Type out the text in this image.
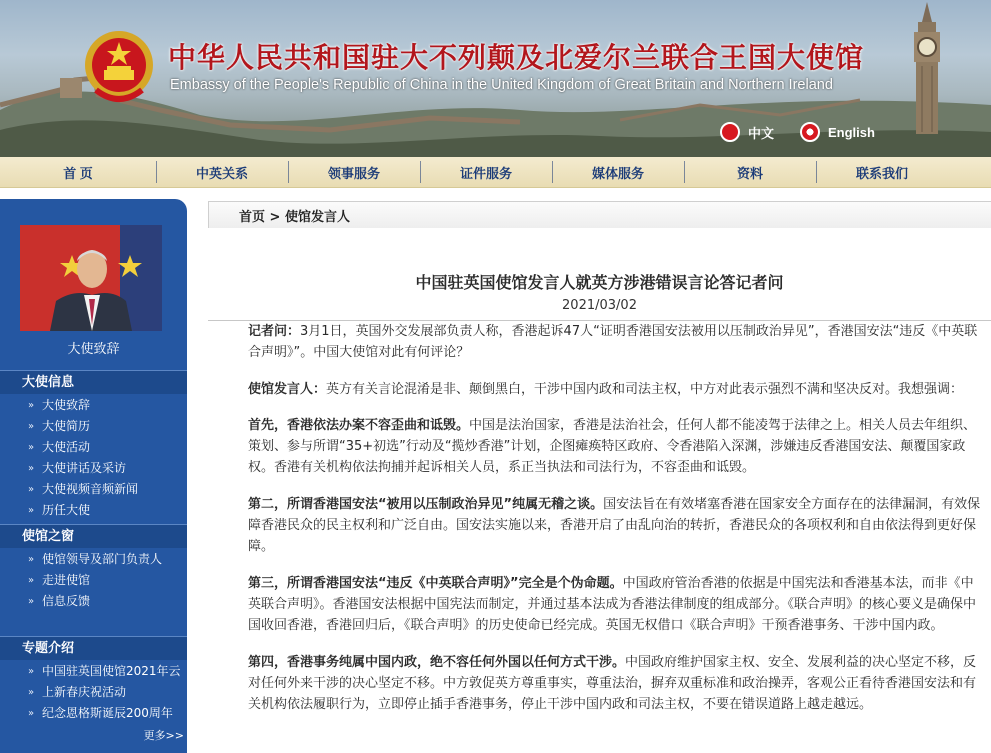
中华人民共和国驻大不列颠及北爱尔兰联合王国大使馆
Embassy of the People's Republic of China in the United Kingdom of Great Britain and Northern Ireland
中文	English
首 页	中英关系	领事服务	证件服务	媒体服务	资料	联系我们
大使致辞
大使信息
» 大使致辞
» 大使简历
» 大使活动
» 大使讲话及采访
» 大使视频音频新闻
» 历任大使
使馆之窗
» 使馆领导及部门负责人
» 走进使馆
» 信息反馈
专题介绍
» 中国驻英国使馆2021年云
» 上新春庆祝活动
» 纪念恩格斯诞辰200周年
更多>>
首页 > 使馆发言人
中国驻英国使馆发言人就英方涉港错误言论答记者问
2021/03/02

记者问：3月1日，英国外交发展部负责人称，香港起诉47人“证明香港国安法被用以压制政治异见”，香港国安法“违反《中英联合声明》”。中国大使馆对此有何评论？

使馆发言人：英方有关言论混淆是非、颠倒黑白，干涉中国内政和司法主权，中方对此表示强烈不满和坚决反对。我想强调：

首先，香港依法办案不容歪曲和诋毁。中国是法治国家，香港是法治社会，任何人都不能凌驾于法律之上。相关人员去年组织、策划、参与所谓“35+初选”行动及“揽炒香港”计划，企图瘫痪特区政府、令香港陷入深渊，涉嫌违反香港国安法、颠覆国家政权。香港有关机构依法拘捕并起诉相关人员，系正当执法和司法行为，不容歪曲和诋毁。

第二，所谓香港国安法“被用以压制政治异见”纯属无稽之谈。国安法旨在有效堵塞香港在国家安全方面存在的法律漏洞，有效保障香港民众的民主权利和广泛自由。国安法实施以来，香港开启了由乱向治的转折，香港民众的各项权利和自由依法得到更好保障。

第三，所谓香港国安法“违反《中英联合声明》”完全是个伪命题。中国政府管治香港的依据是中国宪法和香港基本法，而非《中英联合声明》。香港国安法根据中国宪法而制定，并通过基本法成为香港法律制度的组成部分。《联合声明》的核心要义是确保中国收回香港，香港回归后，《联合声明》的历史使命已经完成。英国无权借口《联合声明》干预香港事务、干涉中国内政。

第四，香港事务纯属中国内政，绝不容任何外国以任何方式干涉。中国政府维护国家主权、安全、发展利益的决心坚定不移，反对任何外来干涉的决心坚定不移。中方敦促英方尊重事实，尊重法治，摒弃双重标准和政治操弄，客观公正看待香港国安法和有关机构依法履职行为，立即停止插手香港事务，停止干涉中国内政和司法主权，不要在错误道路上越走越远。
